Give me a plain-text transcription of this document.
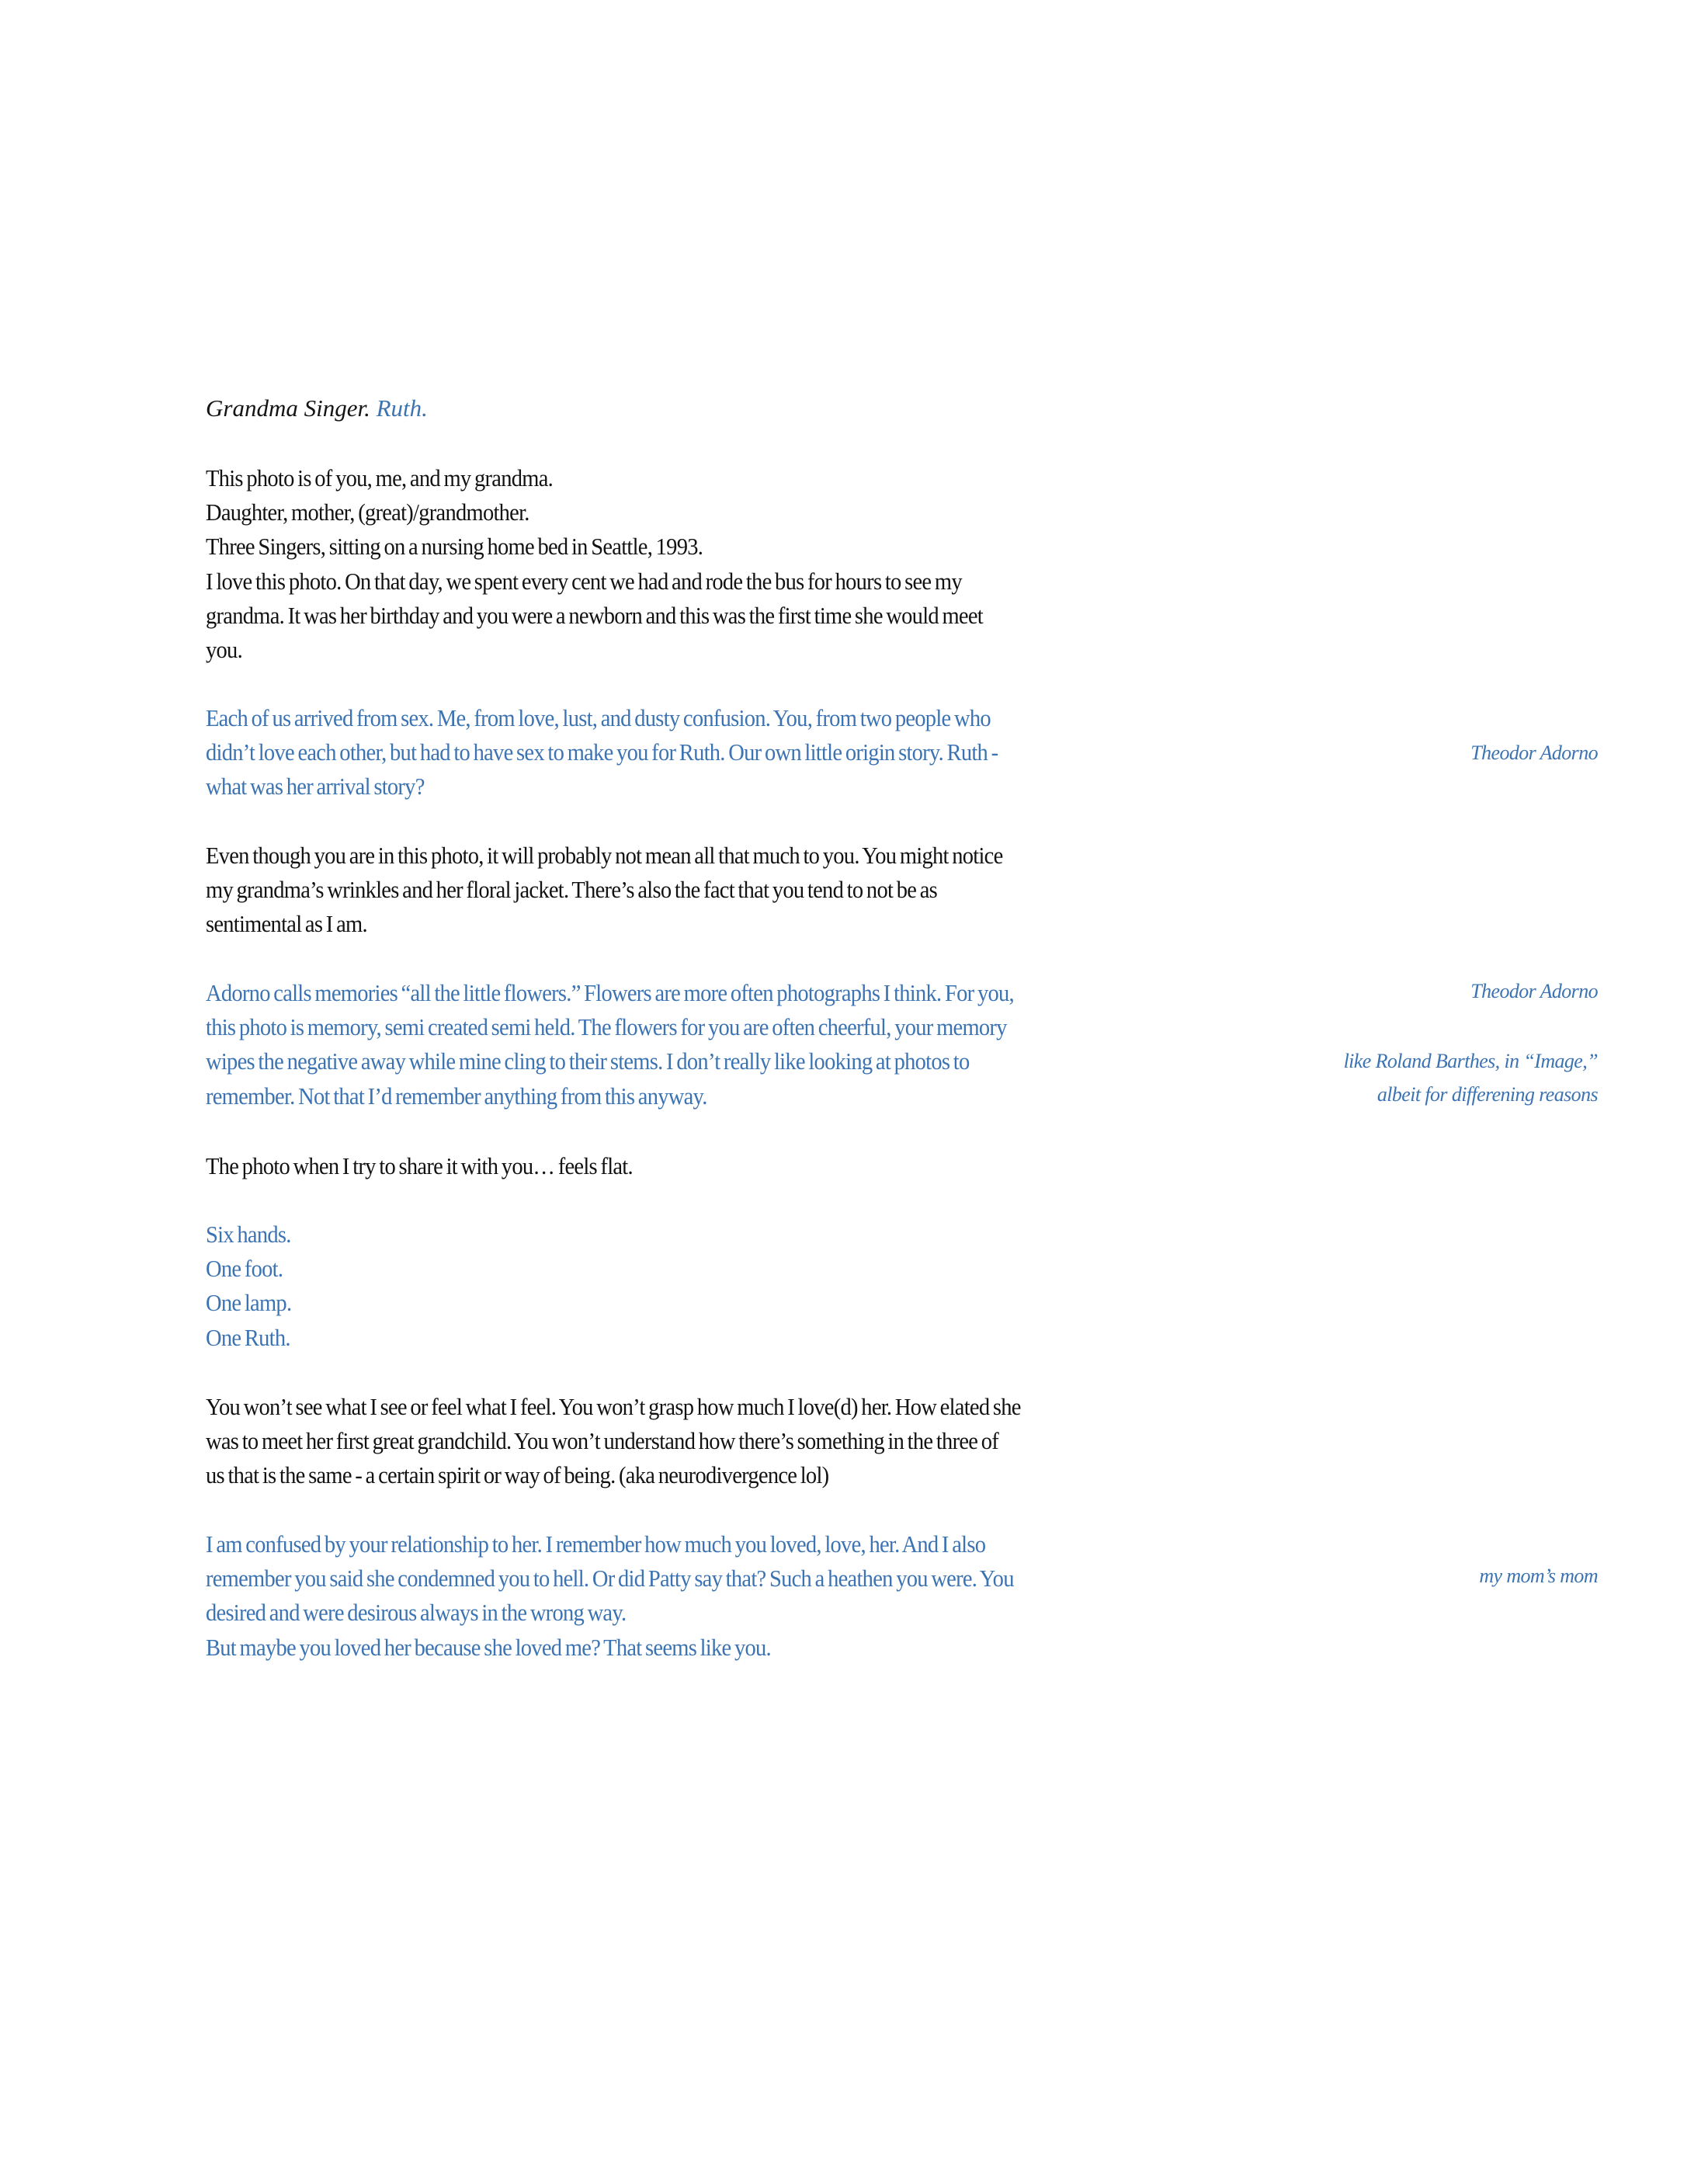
Grandma Singer. Ruth.
This photo is of you, me, and my grandma.
Daughter, mother, (great)/grandmother.
Three Singers, sitting on a nursing home bed in Seattle, 1993.
I love this photo. On that day, we spent every cent we had and rode the bus for hours to see my
grandma. It was her birthday and you were a newborn and this was the first time she would meet
you.
Each of us arrived from sex. Me, from love, lust, and dusty confusion. You, from two people who
didn’t love each other, but had to have sex to make you for Ruth. Our own little origin story. Ruth -
what was her arrival story?
Even though you are in this photo, it will probably not mean all that much to you. You might notice
my grandma’s wrinkles and her floral jacket. There’s also the fact that you tend to not be as
sentimental as I am.
Adorno calls memories “all the little flowers.” Flowers are more often photographs I think. For you,
this photo is memory, semi created semi held. The flowers for you are often cheerful, your memory
wipes the negative away while mine cling to their stems. I don’t really like looking at photos to
remember. Not that I’d remember anything from this anyway.
The photo when I try to share it with you… feels flat.
Six hands.
One foot.
One lamp.
One Ruth.
You won’t see what I see or feel what I feel. You won’t grasp how much I love(d) her. How elated she
was to meet her first great grandchild. You won’t understand how there’s something in the three of
us that is the same - a certain spirit or way of being. (aka neurodivergence lol)
I am confused by your relationship to her. I remember how much you loved, love, her. And I also
remember you said she condemned you to hell. Or did Patty say that? Such a heathen you were. You
desired and were desirous always in the wrong way.
But maybe you loved her because she loved me? That seems like you.
Theodor Adorno
Theodor Adorno
like Roland Barthes, in “Image,”
albeit for differening reasons
my mom’s mom
